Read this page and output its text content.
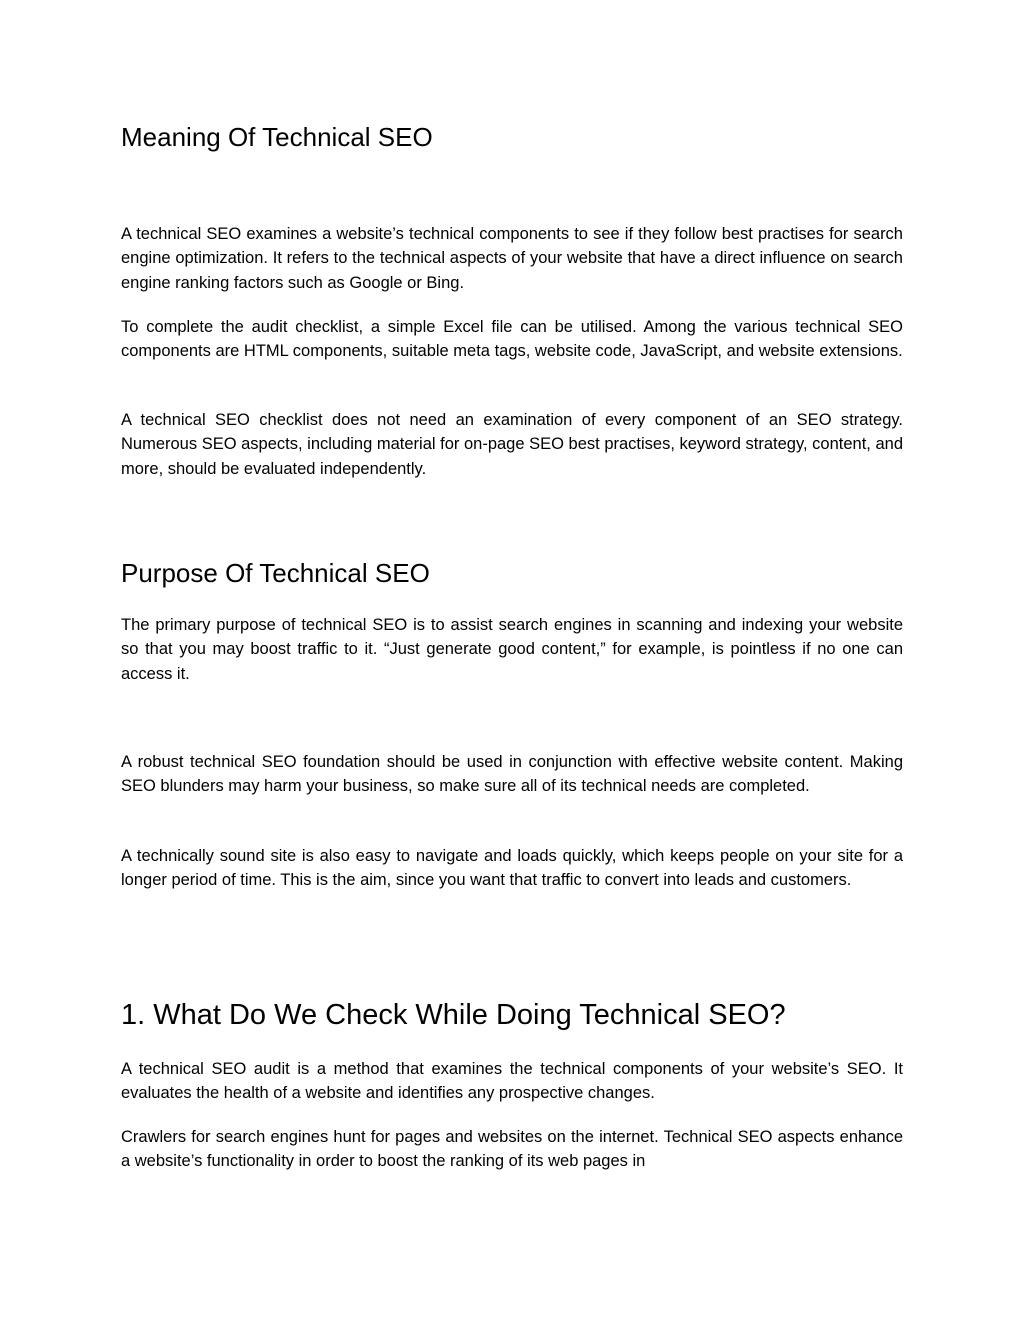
Meaning Of Technical SEO

A technical SEO examines a website’s technical components to see if they follow best practises for search engine optimization. It refers to the technical aspects of your website that have a direct influence on search engine ranking factors such as Google or Bing.

To complete the audit checklist, a simple Excel file can be utilised. Among the various technical SEO components are HTML components, suitable meta tags, website code, JavaScript, and website extensions.

A technical SEO checklist does not need an examination of every component of an SEO strategy. Numerous SEO aspects, including material for on-page SEO best practises, keyword strategy, content, and more, should be evaluated independently.

Purpose Of Technical SEO

The primary purpose of technical SEO is to assist search engines in scanning and indexing your website so that you may boost traffic to it. “Just generate good content,” for example, is pointless if no one can access it.

A robust technical SEO foundation should be used in conjunction with effective website content. Making SEO blunders may harm your business, so make sure all of its technical needs are completed.

A technically sound site is also easy to navigate and loads quickly, which keeps people on your site for a longer period of time. This is the aim, since you want that traffic to convert into leads and customers.

1. What Do We Check While Doing Technical SEO?

A technical SEO audit is a method that examines the technical components of your website’s SEO. It evaluates the health of a website and identifies any prospective changes.

Crawlers for search engines hunt for pages and websites on the internet. Technical SEO aspects enhance a website’s functionality in order to boost the ranking of its web pages in
